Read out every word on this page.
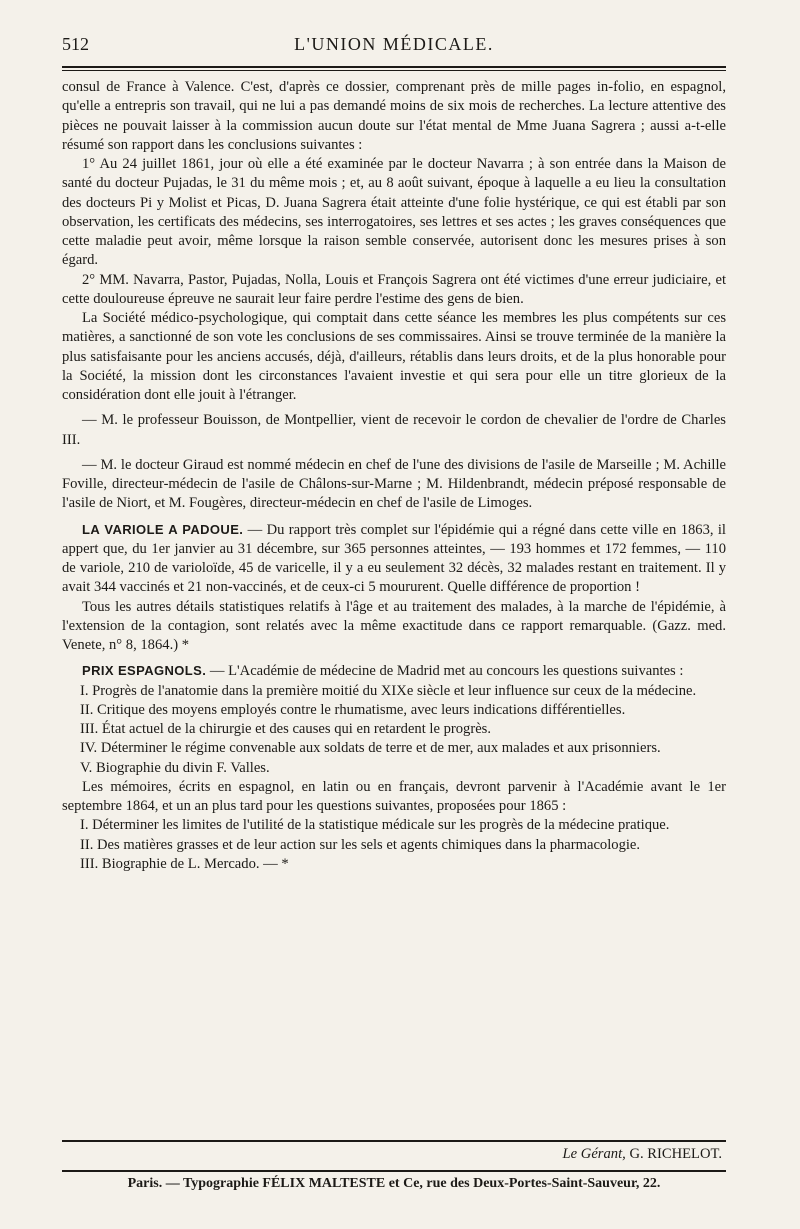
512	L'UNION MÉDICALE.

consul de France à Valence. C'est, d'après ce dossier, comprenant près de mille pages in-folio, en espagnol, qu'elle a entrepris son travail, qui ne lui a pas demandé moins de six mois de recherches. La lecture attentive des pièces ne pouvait laisser à la commission aucun doute sur l'état mental de Mme Juana Sagrera ; aussi a-t-elle résumé son rapport dans les conclusions suivantes :

1° Au 24 juillet 1861, jour où elle a été examinée par le docteur Navarra ; à son entrée dans la Maison de santé du docteur Pujadas, le 31 du même mois ; et, au 8 août suivant, époque à laquelle a eu lieu la consultation des docteurs Pi y Molist et Picas, D. Juana Sagrera était atteinte d'une folie hystérique, ce qui est établi par son observation, les certificats des médecins, ses interrogatoires, ses lettres et ses actes ; les graves conséquences que cette maladie peut avoir, même lorsque la raison semble conservée, autorisent donc les mesures prises à son égard.

2° MM. Navarra, Pastor, Pujadas, Nolla, Louis et François Sagrera ont été victimes d'une erreur judiciaire, et cette douloureuse épreuve ne saurait leur faire perdre l'estime des gens de bien.

La Société médico-psychologique, qui comptait dans cette séance les membres les plus compétents sur ces matières, a sanctionné de son vote les conclusions de ses commissaires. Ainsi se trouve terminée de la manière la plus satisfaisante pour les anciens accusés, déjà, d'ailleurs, rétablis dans leurs droits, et de la plus honorable pour la Société, la mission dont les circonstances l'avaient investie et qui sera pour elle un titre glorieux de la considération dont elle jouit à l'étranger.

— M. le professeur Bouisson, de Montpellier, vient de recevoir le cordon de chevalier de l'ordre de Charles III.

— M. le docteur Giraud est nommé médecin en chef de l'une des divisions de l'asile de Marseille ; M. Achille Foville, directeur-médecin de l'asile de Châlons-sur-Marne ; M. Hildenbrandt, médecin préposé responsable de l'asile de Niort, et M. Fougères, directeur-médecin en chef de l'asile de Limoges.

LA VARIOLE A PADOUE. — Du rapport très complet sur l'épidémie qui a régné dans cette ville en 1863, il appert que, du 1er janvier au 31 décembre, sur 365 personnes atteintes, — 193 hommes et 172 femmes, — 110 de variole, 210 de varioloïde, 45 de varicelle, il y a eu seulement 32 décès, 32 malades restant en traitement. Il y avait 344 vaccinés et 21 non-vaccinés, et de ceux-ci 5 moururent. Quelle différence de proportion !

Tous les autres détails statistiques relatifs à l'âge et au traitement des malades, à la marche de l'épidémie, à l'extension de la contagion, sont relatés avec la même exactitude dans ce rapport remarquable. (Gazz. med. Venete, n° 8, 1864.) *

PRIX ESPAGNOLS. — L'Académie de médecine de Madrid met au concours les questions suivantes :

I. Progrès de l'anatomie dans la première moitié du XIXe siècle et leur influence sur ceux de la médecine.

II. Critique des moyens employés contre le rhumatisme, avec leurs indications différentielles.

III. État actuel de la chirurgie et des causes qui en retardent le progrès.

IV. Déterminer le régime convenable aux soldats de terre et de mer, aux malades et aux prisonniers.

V. Biographie du divin F. Valles.

Les mémoires, écrits en espagnol, en latin ou en français, devront parvenir à l'Académie avant le 1er septembre 1864, et un an plus tard pour les questions suivantes, proposées pour 1865 :

I. Déterminer les limites de l'utilité de la statistique médicale sur les progrès de la médecine pratique.

II. Des matières grasses et de leur action sur les sels et agents chimiques dans la pharmacologie.

III. Biographie de L. Mercado. — *

Le Gérant, G. RICHELOT.
Paris. — Typographie FÉLIX MALTESTE et Ce, rue des Deux-Portes-Saint-Sauveur, 22.
